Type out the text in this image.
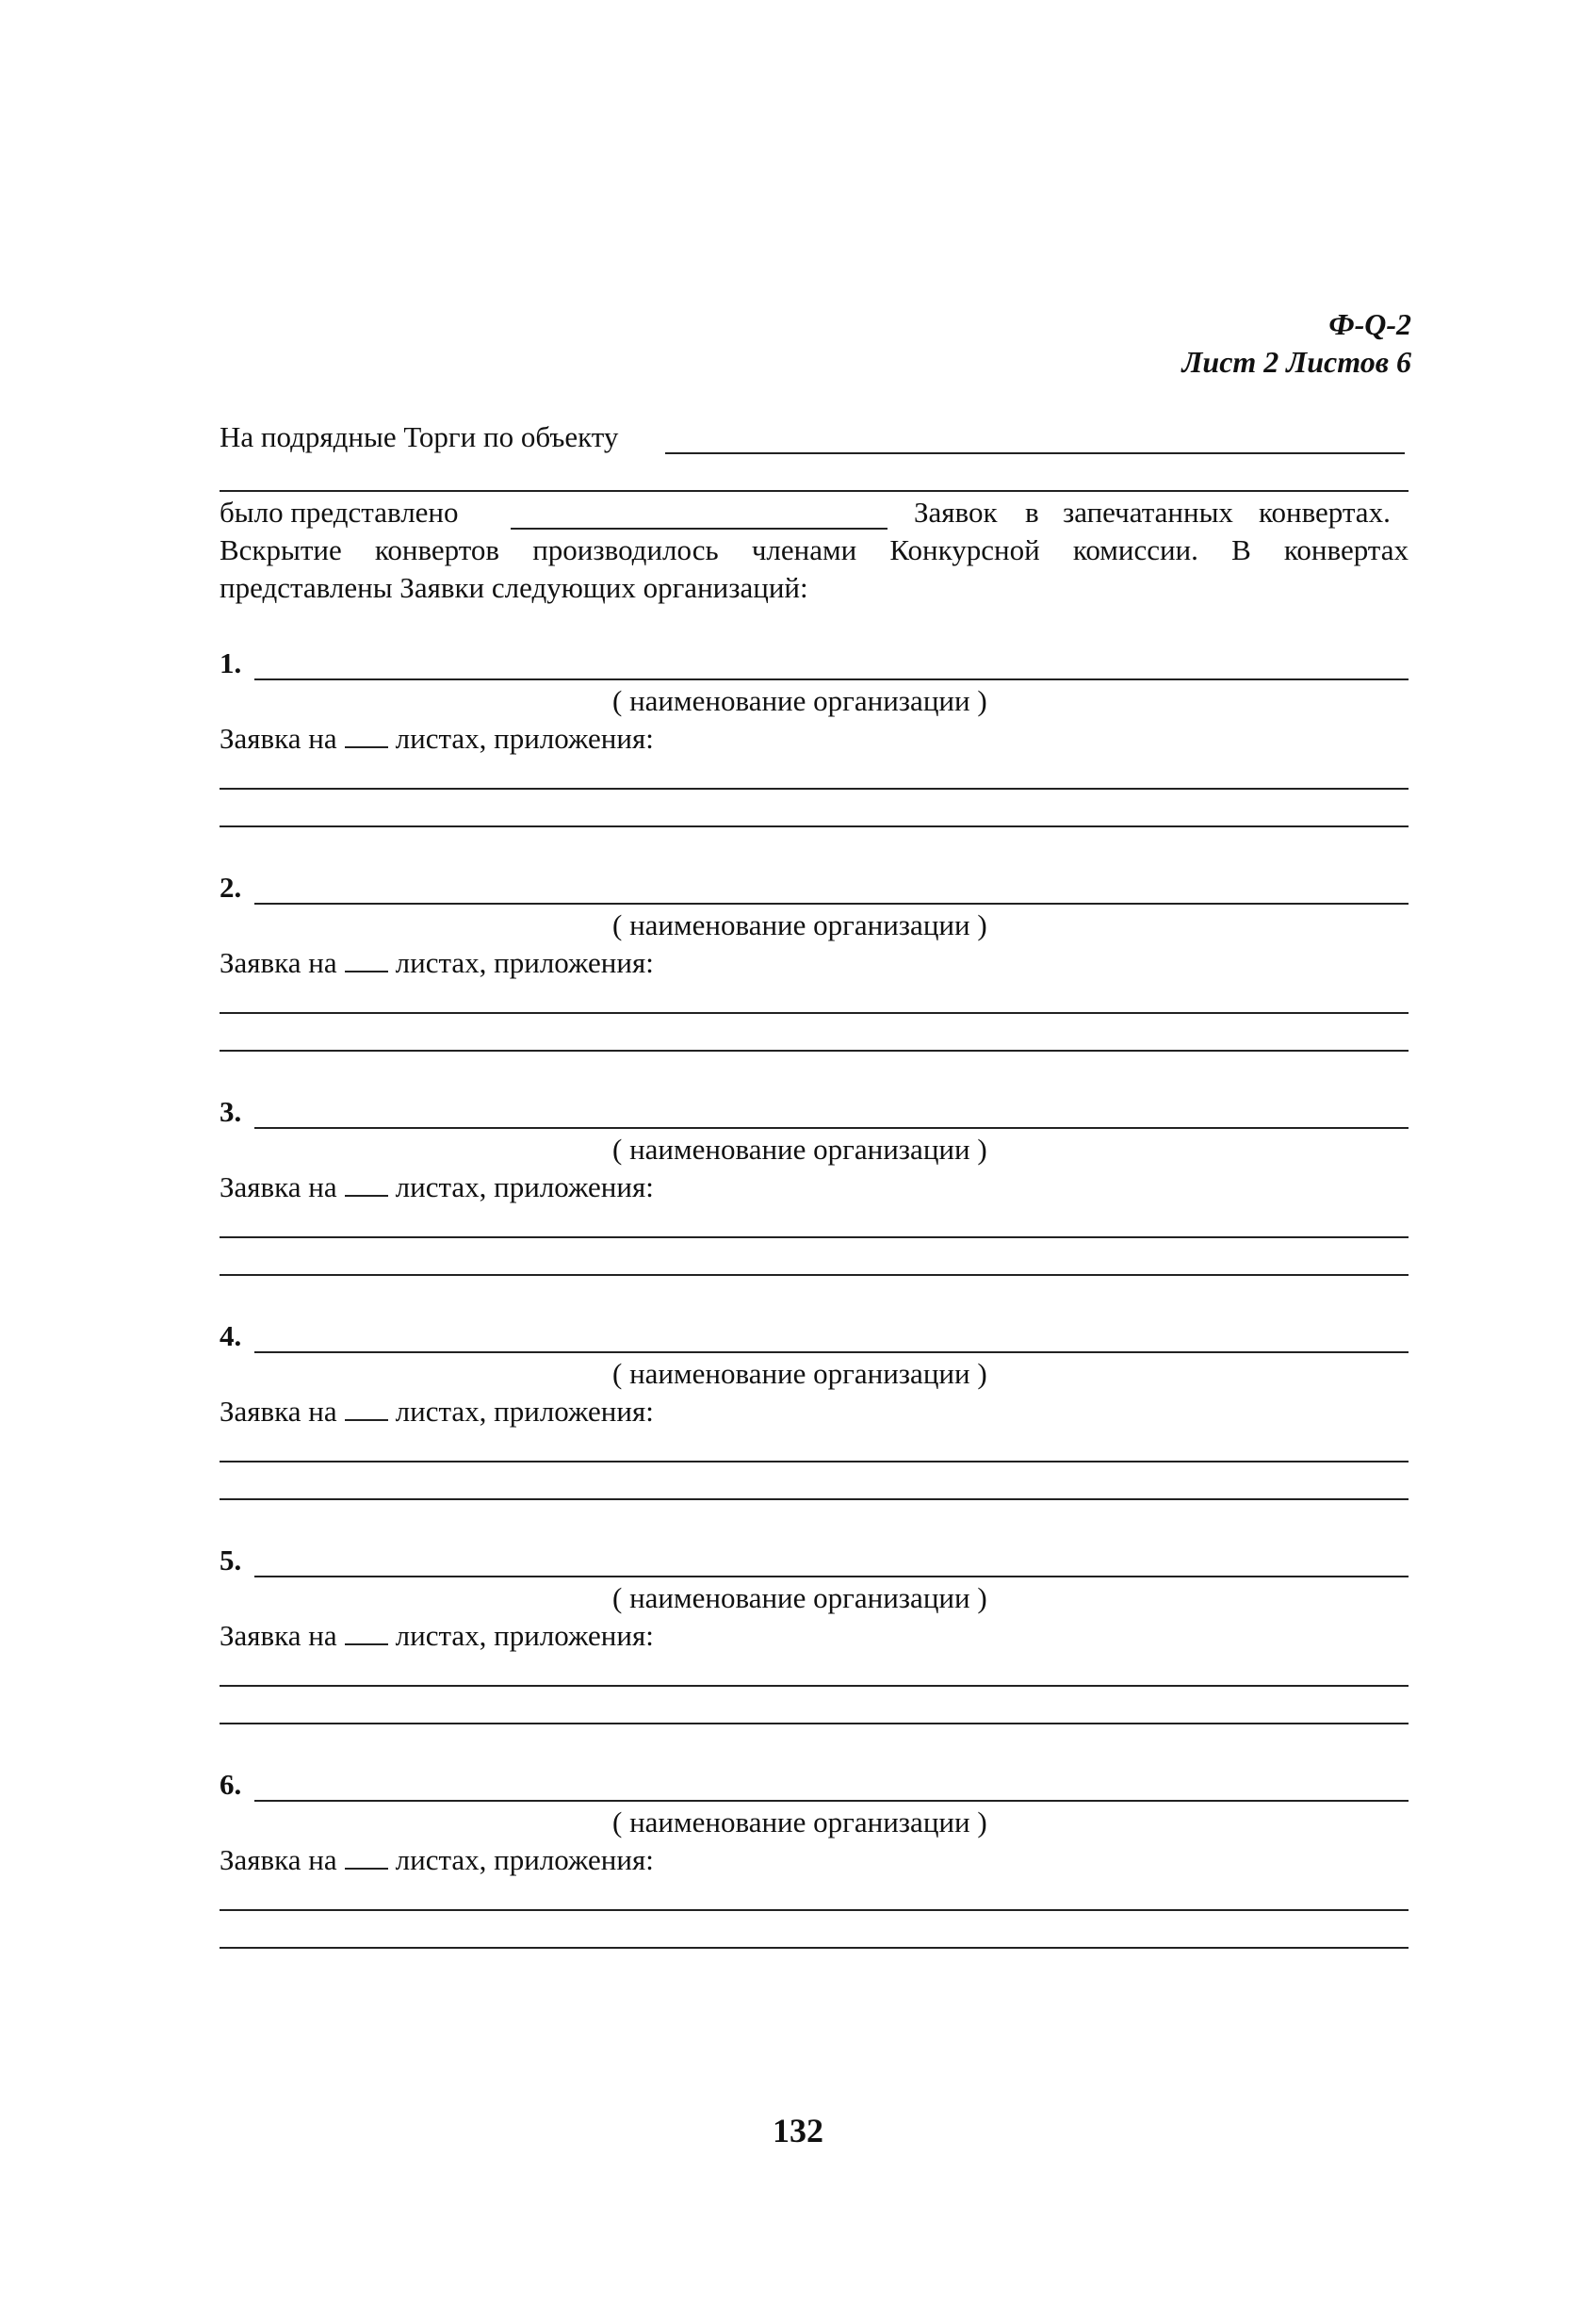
Ф-Q-2
Лист 2 Листов 6
На подрядные Торги по объекту
было представлено	Заявок в запечатанных конвертах.
Вскрытие конвертов производилось членами Конкурсной комиссии. В конвертах
представлены Заявки следующих организаций:
1.
( наименование организации )
Заявка на листах, приложения:
2.
( наименование организации )
Заявка на листах, приложения:
3.
( наименование организации )
Заявка на листах, приложения:
4.
( наименование организации )
Заявка на листах, приложения:
5.
( наименование организации )
Заявка на листах, приложения:
6.
( наименование организации )
Заявка на листах, приложения:
132
